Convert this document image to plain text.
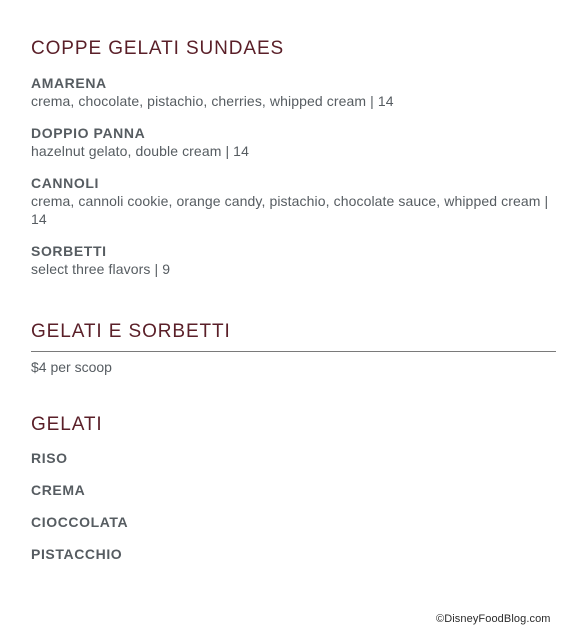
COPPE GELATI SUNDAES
AMARENA
crema, chocolate, pistachio, cherries, whipped cream | 14
DOPPIO PANNA
hazelnut gelato, double cream | 14
CANNOLI
crema, cannoli cookie, orange candy, pistachio, chocolate sauce, whipped cream | 14
SORBETTI
select three flavors | 9
GELATI E SORBETTI
$4 per scoop
GELATI
RISO
CREMA
CIOCCOLATA
PISTACCHIO
©DisneyFoodBlog.com
